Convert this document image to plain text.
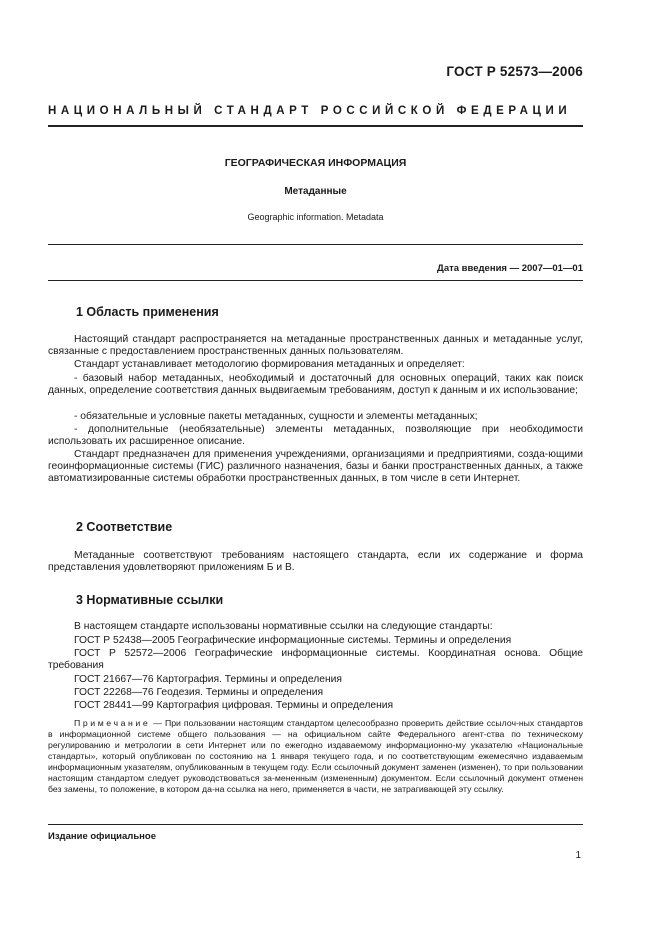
ГОСТ Р 52573—2006
НАЦИОНАЛЬНЫЙ СТАНДАРТ РОССИЙСКОЙ ФЕДЕРАЦИИ
ГЕОГРАФИЧЕСКАЯ ИНФОРМАЦИЯ
Метаданные
Geographic information. Metadata
Дата введения — 2007—01—01
1 Область применения
Настоящий стандарт распространяется на метаданные пространственных данных и метаданные услуг, связанные с предоставлением пространственных данных пользователям.
Стандарт устанавливает методологию формирования метаданных и определяет:
- базовый набор метаданных, необходимый и достаточный для основных операций, таких как поиск данных, определение соответствия данных выдвигаемым требованиям, доступ к данным и их использование;
- обязательные и условные пакеты метаданных, сущности и элементы метаданных;
- дополнительные (необязательные) элементы метаданных, позволяющие при необходимости использовать их расширенное описание.
Стандарт предназначен для применения учреждениями, организациями и предприятиями, созда-ющими геоинформационные системы (ГИС) различного назначения, базы и банки пространственных данных, а также автоматизированные системы обработки пространственных данных, в том числе в сети Интернет.
2 Соответствие
Метаданные соответствуют требованиям настоящего стандарта, если их содержание и форма представления удовлетворяют приложениям Б и В.
3 Нормативные ссылки
В настоящем стандарте использованы нормативные ссылки на следующие стандарты:
ГОСТ Р 52438—2005 Географические информационные системы. Термины и определения
ГОСТ Р 52572—2006 Географические информационные системы. Координатная основа. Общие требования
ГОСТ 21667—76 Картография. Термины и определения
ГОСТ 22268—76 Геодезия. Термины и определения
ГОСТ 28441—99 Картография цифровая. Термины и определения
Примечание — При пользовании настоящим стандартом целесообразно проверить действие ссылоч-ных стандартов в информационной системе общего пользования — на официальном сайте Федерального агент-ства по техническому регулированию и метрологии в сети Интернет или по ежегодно издаваемому информационно-му указателю «Национальные стандарты», который опубликован по состоянию на 1 января текущего года, и по соответствующим ежемесячно издаваемым информационным указателям, опубликованным в текущем году. Если ссылочный документ заменен (изменен), то при пользовании настоящим стандартом следует руководствоваться за-мененным (измененным) документом. Если ссылочный документ отменен без замены, то положение, в котором да-на ссылка на него, применяется в части, не затрагивающей эту ссылку.
Издание официальное
1
